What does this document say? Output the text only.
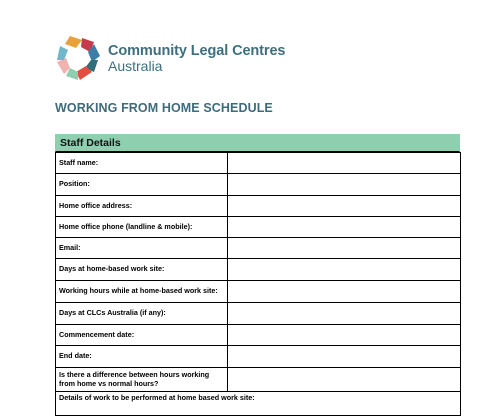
Community Legal Centres
Australia
WORKING FROM HOME SCHEDULE
Staff Details
Staff name:	
Position:	
Home office address:	
Home office phone (landline & mobile):	
Email:	
Days at home-based work site:	
Working hours while at home-based work site:	
Days at CLCs Australia (if any):	
Commencement date:	
End date:	
Is there a difference between hours working from home vs normal hours?	
Details of work to be performed at home based work site:	
